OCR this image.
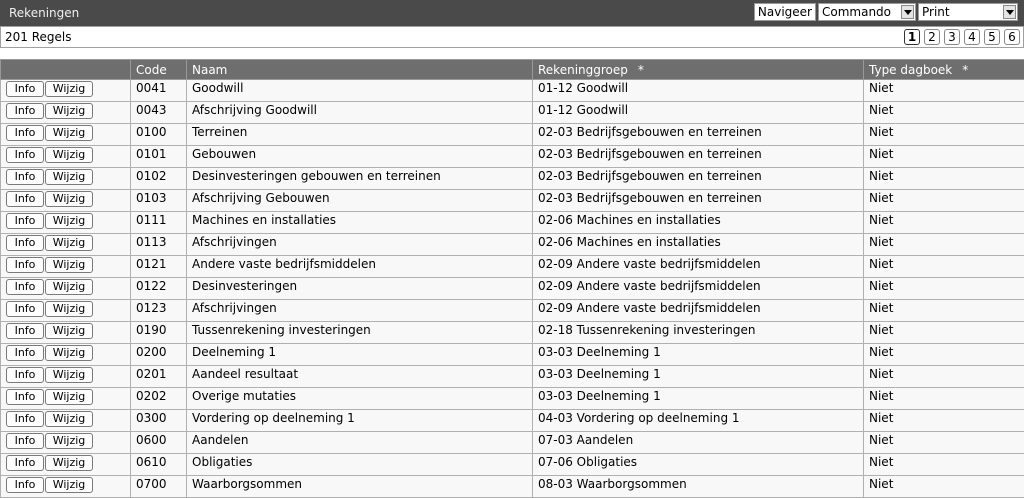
Rekeningen	Navigeer Commando	Print
201 Regels	1	2	3	4	5	6
	Code	Naam	Rekeninggroep *	Type dagboek *
Info Wijzig	0041	Goodwill	01-12 Goodwill	Niet
Info Wijzig	0043	Afschrijving Goodwill	01-12 Goodwill	Niet
Info Wijzig	0100	Terreinen	02-03 Bedrijfsgebouwen en terreinen	Niet
Info Wijzig	0101	Gebouwen	02-03 Bedrijfsgebouwen en terreinen	Niet
Info Wijzig	0102	Desinvesteringen gebouwen en terreinen	02-03 Bedrijfsgebouwen en terreinen	Niet
Info Wijzig	0103	Afschrijving Gebouwen	02-03 Bedrijfsgebouwen en terreinen	Niet
Info Wijzig	0111	Machines en installaties	02-06 Machines en installaties	Niet
Info Wijzig	0113	Afschrijvingen	02-06 Machines en installaties	Niet
Info Wijzig	0121	Andere vaste bedrijfsmiddelen	02-09 Andere vaste bedrijfsmiddelen	Niet
Info Wijzig	0122	Desinvesteringen	02-09 Andere vaste bedrijfsmiddelen	Niet
Info Wijzig	0123	Afschrijvingen	02-09 Andere vaste bedrijfsmiddelen	Niet
Info Wijzig	0190	Tussenrekening investeringen	02-18 Tussenrekening investeringen	Niet
Info Wijzig	0200	Deelneming 1	03-03 Deelneming 1	Niet
Info Wijzig	0201	Aandeel resultaat	03-03 Deelneming 1	Niet
Info Wijzig	0202	Overige mutaties	03-03 Deelneming 1	Niet
Info Wijzig	0300	Vordering op deelneming 1	04-03 Vordering op deelneming 1	Niet
Info Wijzig	0600	Aandelen	07-03 Aandelen	Niet
Info Wijzig	0610	Obligaties	07-06 Obligaties	Niet
Info Wijzig	0700	Waarborgsommen	08-03 Waarborgsommen	Niet
